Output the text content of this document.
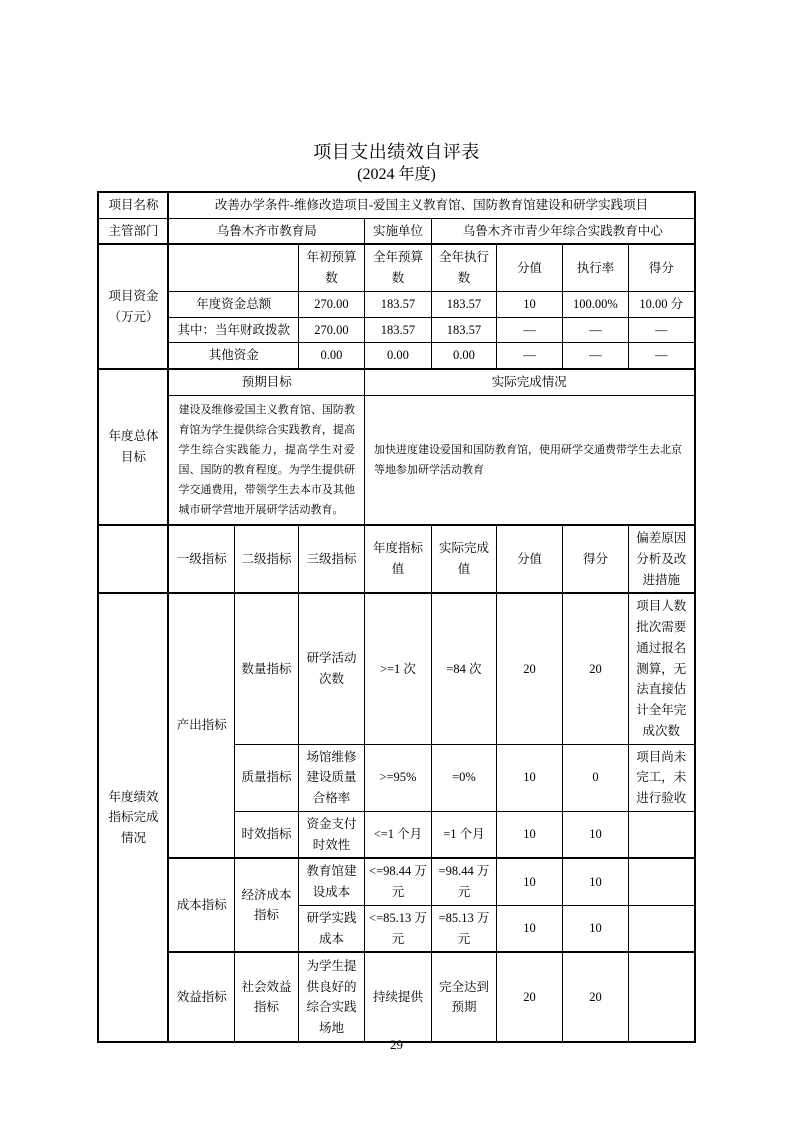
项目支出绩效自评表
(2024 年度)
项目名称	改善办学条件-维修改造项目-爱国主义教育馆、国防教育馆建设和研学实践项目							
主管部门	乌鲁木齐市教育局			实施单位	乌鲁木齐市青少年综合实践教育中心			
项目资金（万元）			年初预算数	全年预算数	全年执行数	分值	执行率	得分
	年度资金总额		270.00	183.57	183.57	10	100.00%	10.00 分
	其中：当年财政拨款		270.00	183.57	183.57	—	—	—
	其他资金		0.00	0.00	0.00	—	—	—
年度总体目标	预期目标			实际完成情况				
	建设及维修爱国主义教育馆、国防教育馆为学生提供综合实践教育，提高学生综合实践能力，提高学生对爱国、国防的教育程度。为学生提供研学交通费用，带领学生去本市及其他城市研学营地开展研学活动教育。			加快进度建设爱国和国防教育馆，使用研学交通费带学生去北京等地参加研学活动教育				
	一级指标	二级指标	三级指标	年度指标值	实际完成值	分值	得分	偏差原因分析及改进措施
年度绩效指标完成情况	产出指标	数量指标	研学活动次数	>=1 次	=84 次	20	20	项目人数批次需要通过报名测算，无法直接估计全年完成次数
		质量指标	场馆维修建设质量合格率	>=95%	=0%	10	0	项目尚未完工，未进行验收
		时效指标	资金支付时效性	<=1 个月	=1 个月	10	10	
	成本指标	经济成本指标	教育馆建设成本	<=98.44 万元	=98.44 万元	10	10	
			研学实践成本	<=85.13 万元	=85.13 万元	10	10	
	效益指标	社会效益指标	为学生提供良好的综合实践场地	持续提供	完全达到预期	20	20	
29
